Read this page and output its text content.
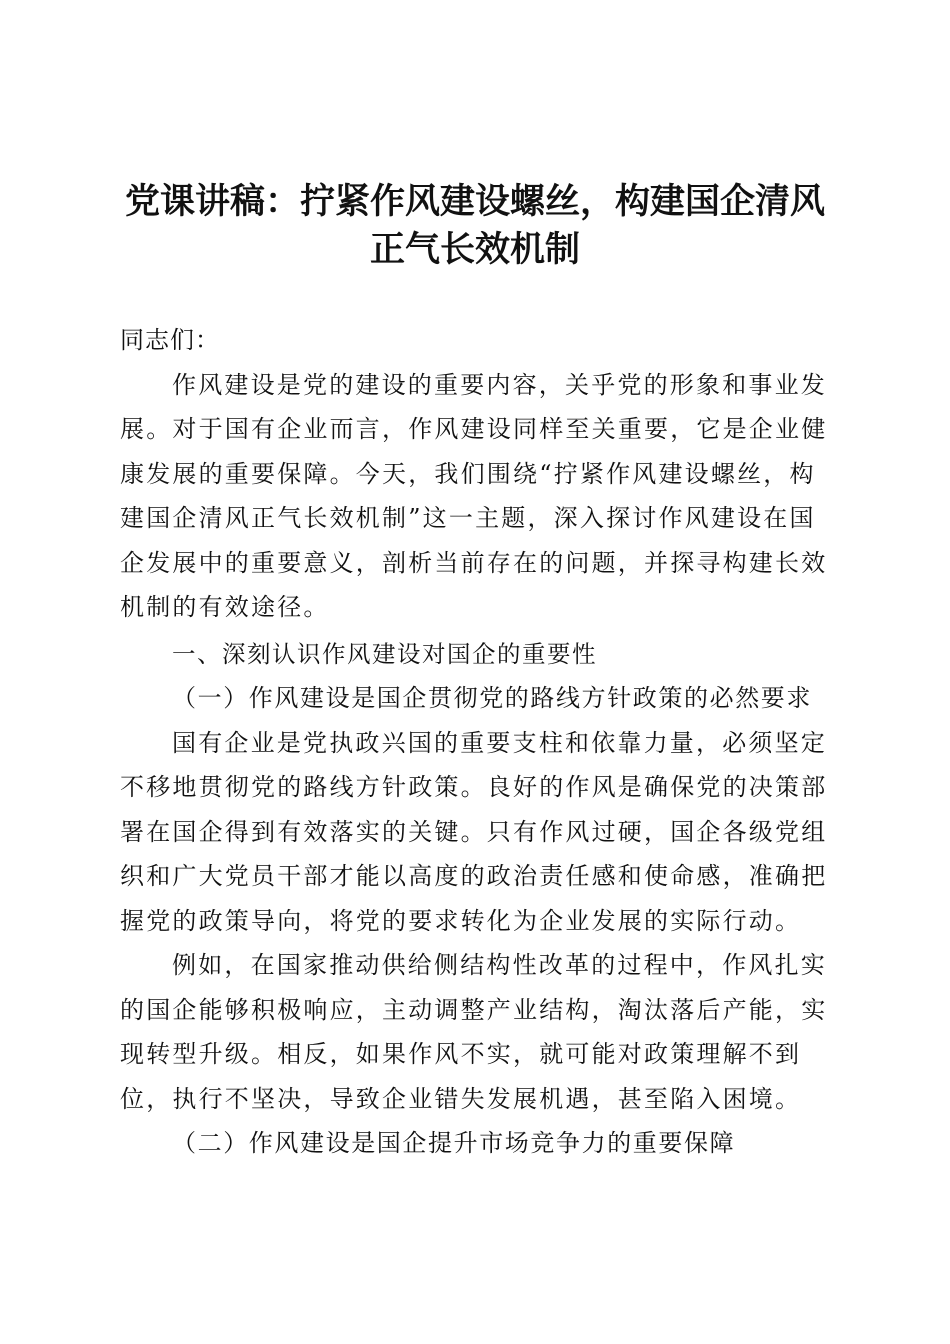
党课讲稿：拧紧作风建设螺丝，构建国企清风
正气长效机制

同志们：

作风建设是党的建设的重要内容，关乎党的形象和事业发展。对于国有企业而言，作风建设同样至关重要，它是企业健康发展的重要保障。今天，我们围绕“拧紧作风建设螺丝，构建国企清风正气长效机制”这一主题，深入探讨作风建设在国企发展中的重要意义，剖析当前存在的问题，并探寻构建长效机制的有效途径。

一、深刻认识作风建设对国企的重要性

（一）作风建设是国企贯彻党的路线方针政策的必然要求

国有企业是党执政兴国的重要支柱和依靠力量，必须坚定不移地贯彻党的路线方针政策。良好的作风是确保党的决策部署在国企得到有效落实的关键。只有作风过硬，国企各级党组织和广大党员干部才能以高度的政治责任感和使命感，准确把握党的政策导向，将党的要求转化为企业发展的实际行动。

例如，在国家推动供给侧结构性改革的过程中，作风扎实的国企能够积极响应，主动调整产业结构，淘汰落后产能，实现转型升级。相反，如果作风不实，就可能对政策理解不到位，执行不坚决，导致企业错失发展机遇，甚至陷入困境。

（二）作风建设是国企提升市场竞争力的重要保障
